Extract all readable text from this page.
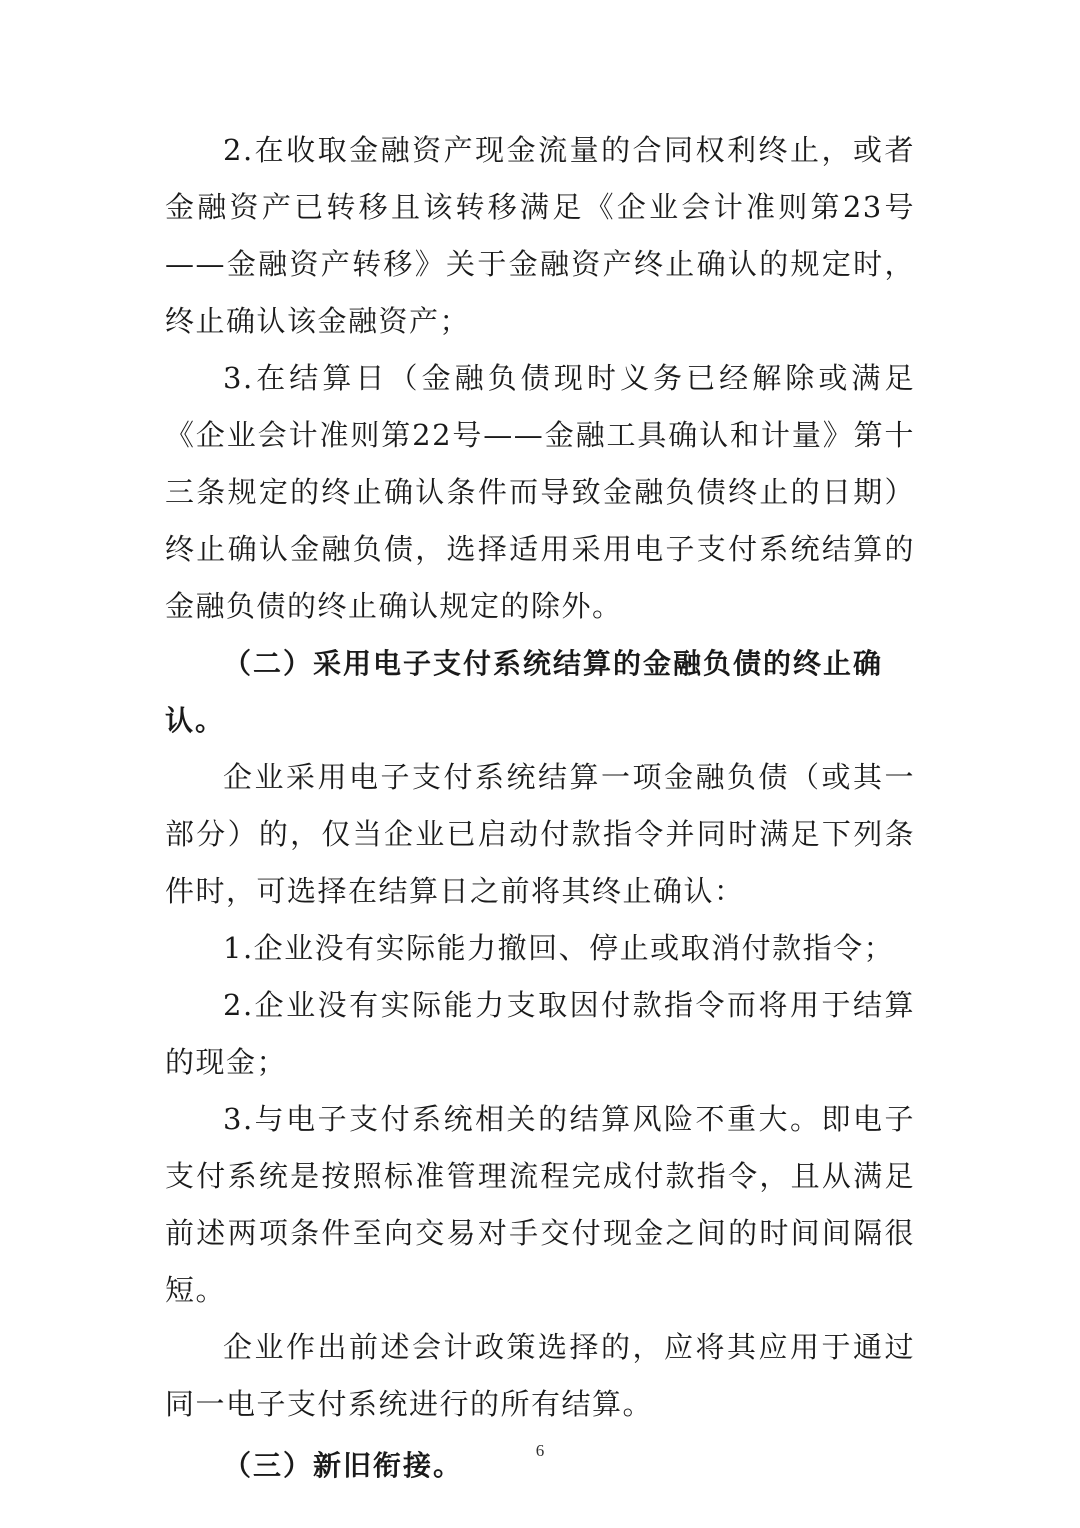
2.在收取金融资产现金流量的合同权利终止，或者金融资产已转移且该转移满足《企业会计准则第23号——金融资产转移》关于金融资产终止确认的规定时，终止确认该金融资产；

3.在结算日（金融负债现时义务已经解除或满足《企业会计准则第22号——金融工具确认和计量》第十三条规定的终止确认条件而导致金融负债终止的日期）终止确认金融负债，选择适用采用电子支付系统结算的金融负债的终止确认规定的除外。

（二）采用电子支付系统结算的金融负债的终止确认。

企业采用电子支付系统结算一项金融负债（或其一部分）的，仅当企业已启动付款指令并同时满足下列条件时，可选择在结算日之前将其终止确认：

1.企业没有实际能力撤回、停止或取消付款指令；

2.企业没有实际能力支取因付款指令而将用于结算的现金；

3.与电子支付系统相关的结算风险不重大。即电子支付系统是按照标准管理流程完成付款指令，且从满足前述两项条件至向交易对手交付现金之间的时间间隔很短。

企业作出前述会计政策选择的，应将其应用于通过同一电子支付系统进行的所有结算。

（三）新旧衔接。	6
